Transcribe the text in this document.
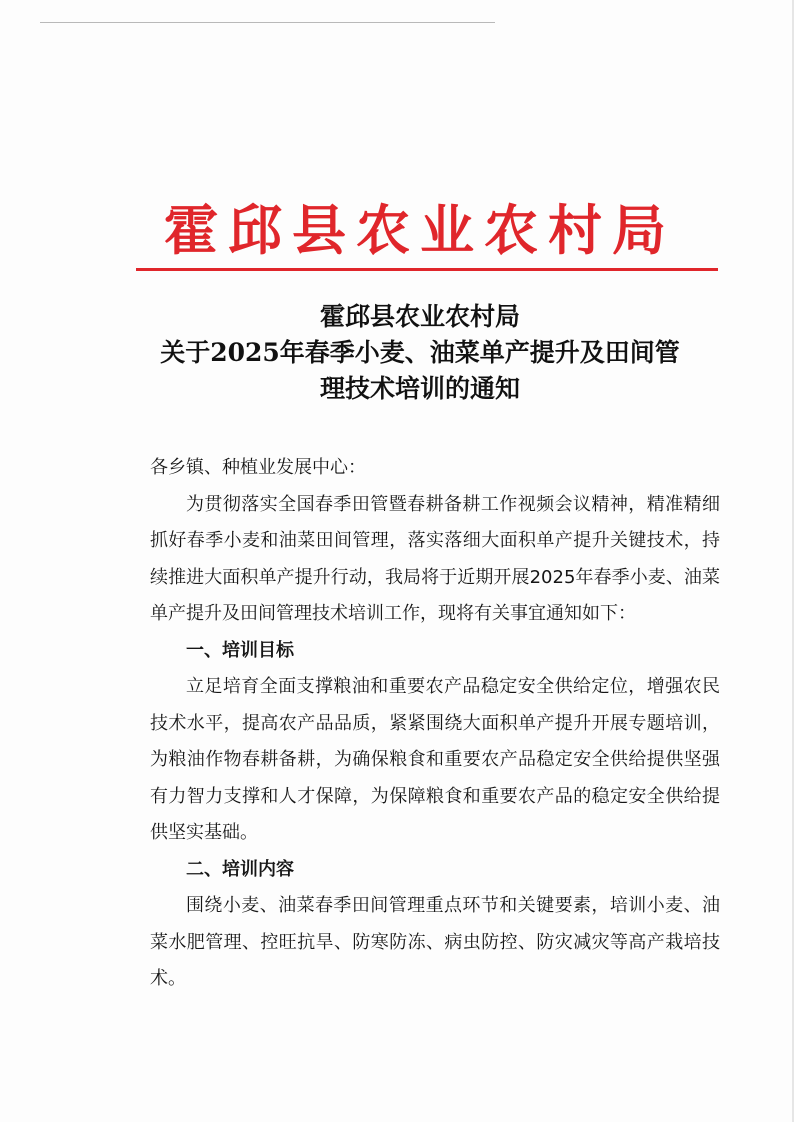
霍邱县农业农村局
霍邱县农业农村局
关于2025年春季小麦、油菜单产提升及田间管
理技术培训的通知

各乡镇、种植业发展中心：

为贯彻落实全国春季田管暨春耕备耕工作视频会议精神，精准精细抓好春季小麦和油菜田间管理，落实落细大面积单产提升关键技术，持续推进大面积单产提升行动，我局将于近期开展2025年春季小麦、油菜单产提升及田间管理技术培训工作，现将有关事宜通知如下：

一、培训目标

立足培育全面支撑粮油和重要农产品稳定安全供给定位，增强农民技术水平，提高农产品品质，紧紧围绕大面积单产提升开展专题培训，为粮油作物春耕备耕，为确保粮食和重要农产品稳定安全供给提供坚强有力智力支撑和人才保障，为保障粮食和重要农产品的稳定安全供给提供坚实基础。

二、培训内容

围绕小麦、油菜春季田间管理重点环节和关键要素，培训小麦、油菜水肥管理、控旺抗旱、防寒防冻、病虫防控、防灾减灾等高产栽培技术。
